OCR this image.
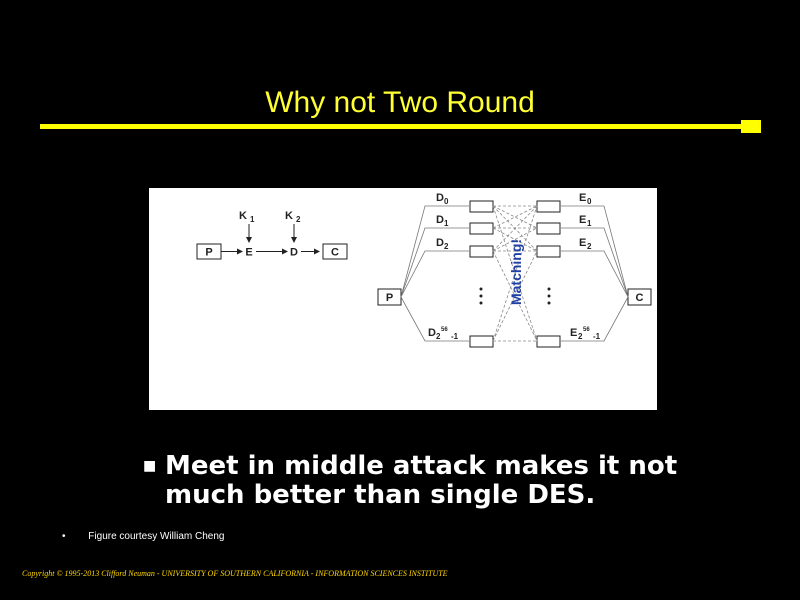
Why not Two Round
P	E	D	C
K 1	K 2
P	C
D 0
D 1
D 2
D 2
56
-1
E 0
E 1
E 2
E 2
56
-1
Matching!
■ Meet in middle attack makes it not much better than single DES.
• Figure courtesy William Cheng
Copyright © 1995-2013 Clifford Neuman - UNIVERSITY OF SOUTHERN CALIFORNIA - INFORMATION SCIENCES INSTITUTE
